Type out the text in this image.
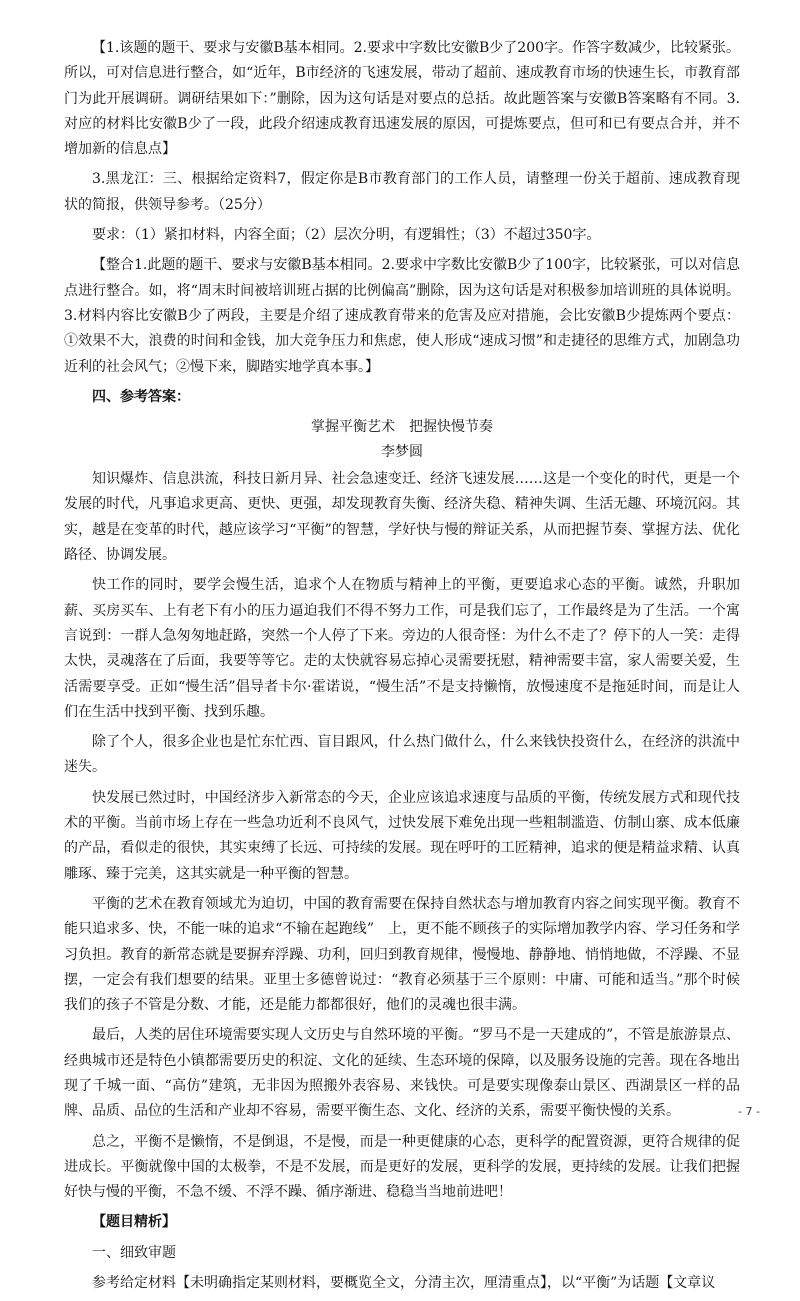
【1.该题的题干、要求与安徽B基本相同。2.要求中字数比安徽B少了200字。作答字数减少，比较紧张。所以，可对信息进行整合，如“近年，B市经济的飞速发展，带动了超前、速成教育市场的快速生长，市教育部门为此开展调研。调研结果如下：”删除，因为这句话是对要点的总括。故此题答案与安徽B答案略有不同。3.对应的材料比安徽B少了一段，此段介绍速成教育迅速发展的原因，可提炼要点，但可和已有要点合并，并不增加新的信息点】

3.黑龙江：三、根据给定资料7，假定你是B市教育部门的工作人员，请整理一份关于超前、速成教育现状的简报，供领导参考。（25分）

要求：（1）紧扣材料，内容全面；（2）层次分明，有逻辑性；（3）不超过350字。

【整合1.此题的题干、要求与安徽B基本相同。2.要求中字数比安徽B少了100字，比较紧张，可以对信息点进行整合。如，将“周末时间被培训班占据的比例偏高”删除，因为这句话是对积极参加培训班的具体说明。3.材料内容比安徽B少了两段，主要是介绍了速成教育带来的危害及应对措施，会比安徽B少提炼两个要点：①效果不大，浪费的时间和金钱，加大竞争压力和焦虑，使人形成“速成习惯”和走捷径的思维方式，加剧急功近利的社会风气；②慢下来，脚踏实地学真本事。】

四、参考答案：

掌握平衡艺术　把握快慢节奏

李梦圆

知识爆炸、信息洪流，科技日新月异、社会急速变迁、经济飞速发展……这是一个变化的时代，更是一个发展的时代，凡事追求更高、更快、更强，却发现教育失衡、经济失稳、精神失调、生活无趣、环境沉闷。其实，越是在变革的时代，越应该学习“平衡”的智慧，学好快与慢的辩证关系，从而把握节奏、掌握方法、优化路径、协调发展。

快工作的同时，要学会慢生活，追求个人在物质与精神上的平衡，更要追求心态的平衡。诚然，升职加薪、买房买车、上有老下有小的压力逼迫我们不得不努力工作，可是我们忘了，工作最终是为了生活。一个寓言说到：一群人急匆匆地赶路，突然一个人停了下来。旁边的人很奇怪：为什么不走了？停下的人一笑：走得太快，灵魂落在了后面，我要等等它。走的太快就容易忘掉心灵需要抚慰，精神需要丰富，家人需要关爱，生活需要享受。正如“慢生活”倡导者卡尔·霍诺说，“慢生活”不是支持懒惰，放慢速度不是拖延时间，而是让人们在生活中找到平衡、找到乐趣。

除了个人，很多企业也是忙东忙西、盲目跟风，什么热门做什么，什么来钱快投资什么，在经济的洪流中迷失。

快发展已然过时，中国经济步入新常态的今天，企业应该追求速度与品质的平衡，传统发展方式和现代技术的平衡。当前市场上存在一些急功近利不良风气，过快发展下难免出现一些粗制滥造、仿制山寨、成本低廉的产品，看似走的很快，其实束缚了长远、可持续的发展。现在呼吁的工匠精神，追求的便是精益求精、认真雕琢、臻于完美，这其实就是一种平衡的智慧。

平衡的艺术在教育领域尤为迫切，中国的教育需要在保持自然状态与增加教育内容之间实现平衡。教育不能只追求多、快，不能一味的追求“不输在起跑线”　上，更不能不顾孩子的实际增加教学内容、学习任务和学习负担。教育的新常态就是要摒弃浮躁、功利，回归到教育规律，慢慢地、静静地、悄悄地做，不浮躁、不显摆，一定会有我们想要的结果。亚里士多德曾说过：“教育必须基于三个原则：中庸、可能和适当。”那个时候我们的孩子不管是分数、才能，还是能力都都很好，他们的灵魂也很丰满。

最后，人类的居住环境需要实现人文历史与自然环境的平衡。“罗马不是一天建成的”，不管是旅游景点、经典城市还是特色小镇都需要历史的积淀、文化的延续、生态环境的保障，以及服务设施的完善。现在各地出现了千城一面、“高仿”建筑，无非因为照搬外表容易、来钱快。可是要实现像泰山景区、西湖景区一样的品牌、品质、品位的生活和产业却不容易，需要平衡生态、文化、经济的关系，需要平衡快慢的关系。

总之，平衡不是懒惰，不是倒退，不是慢，而是一种更健康的心态，更科学的配置资源，更符合规律的促进成长。平衡就像中国的太极拳，不是不发展，而是更好的发展，更科学的发展，更持续的发展。让我们把握好快与慢的平衡，不急不缓、不浮不躁、循序渐进、稳稳当当地前进吧！

【题目精析】

一、细致审题

参考给定材料【未明确指定某则材料，要概览全文，分清主次，厘清重点】，以“平衡”为话题【文章议

- 7 -
